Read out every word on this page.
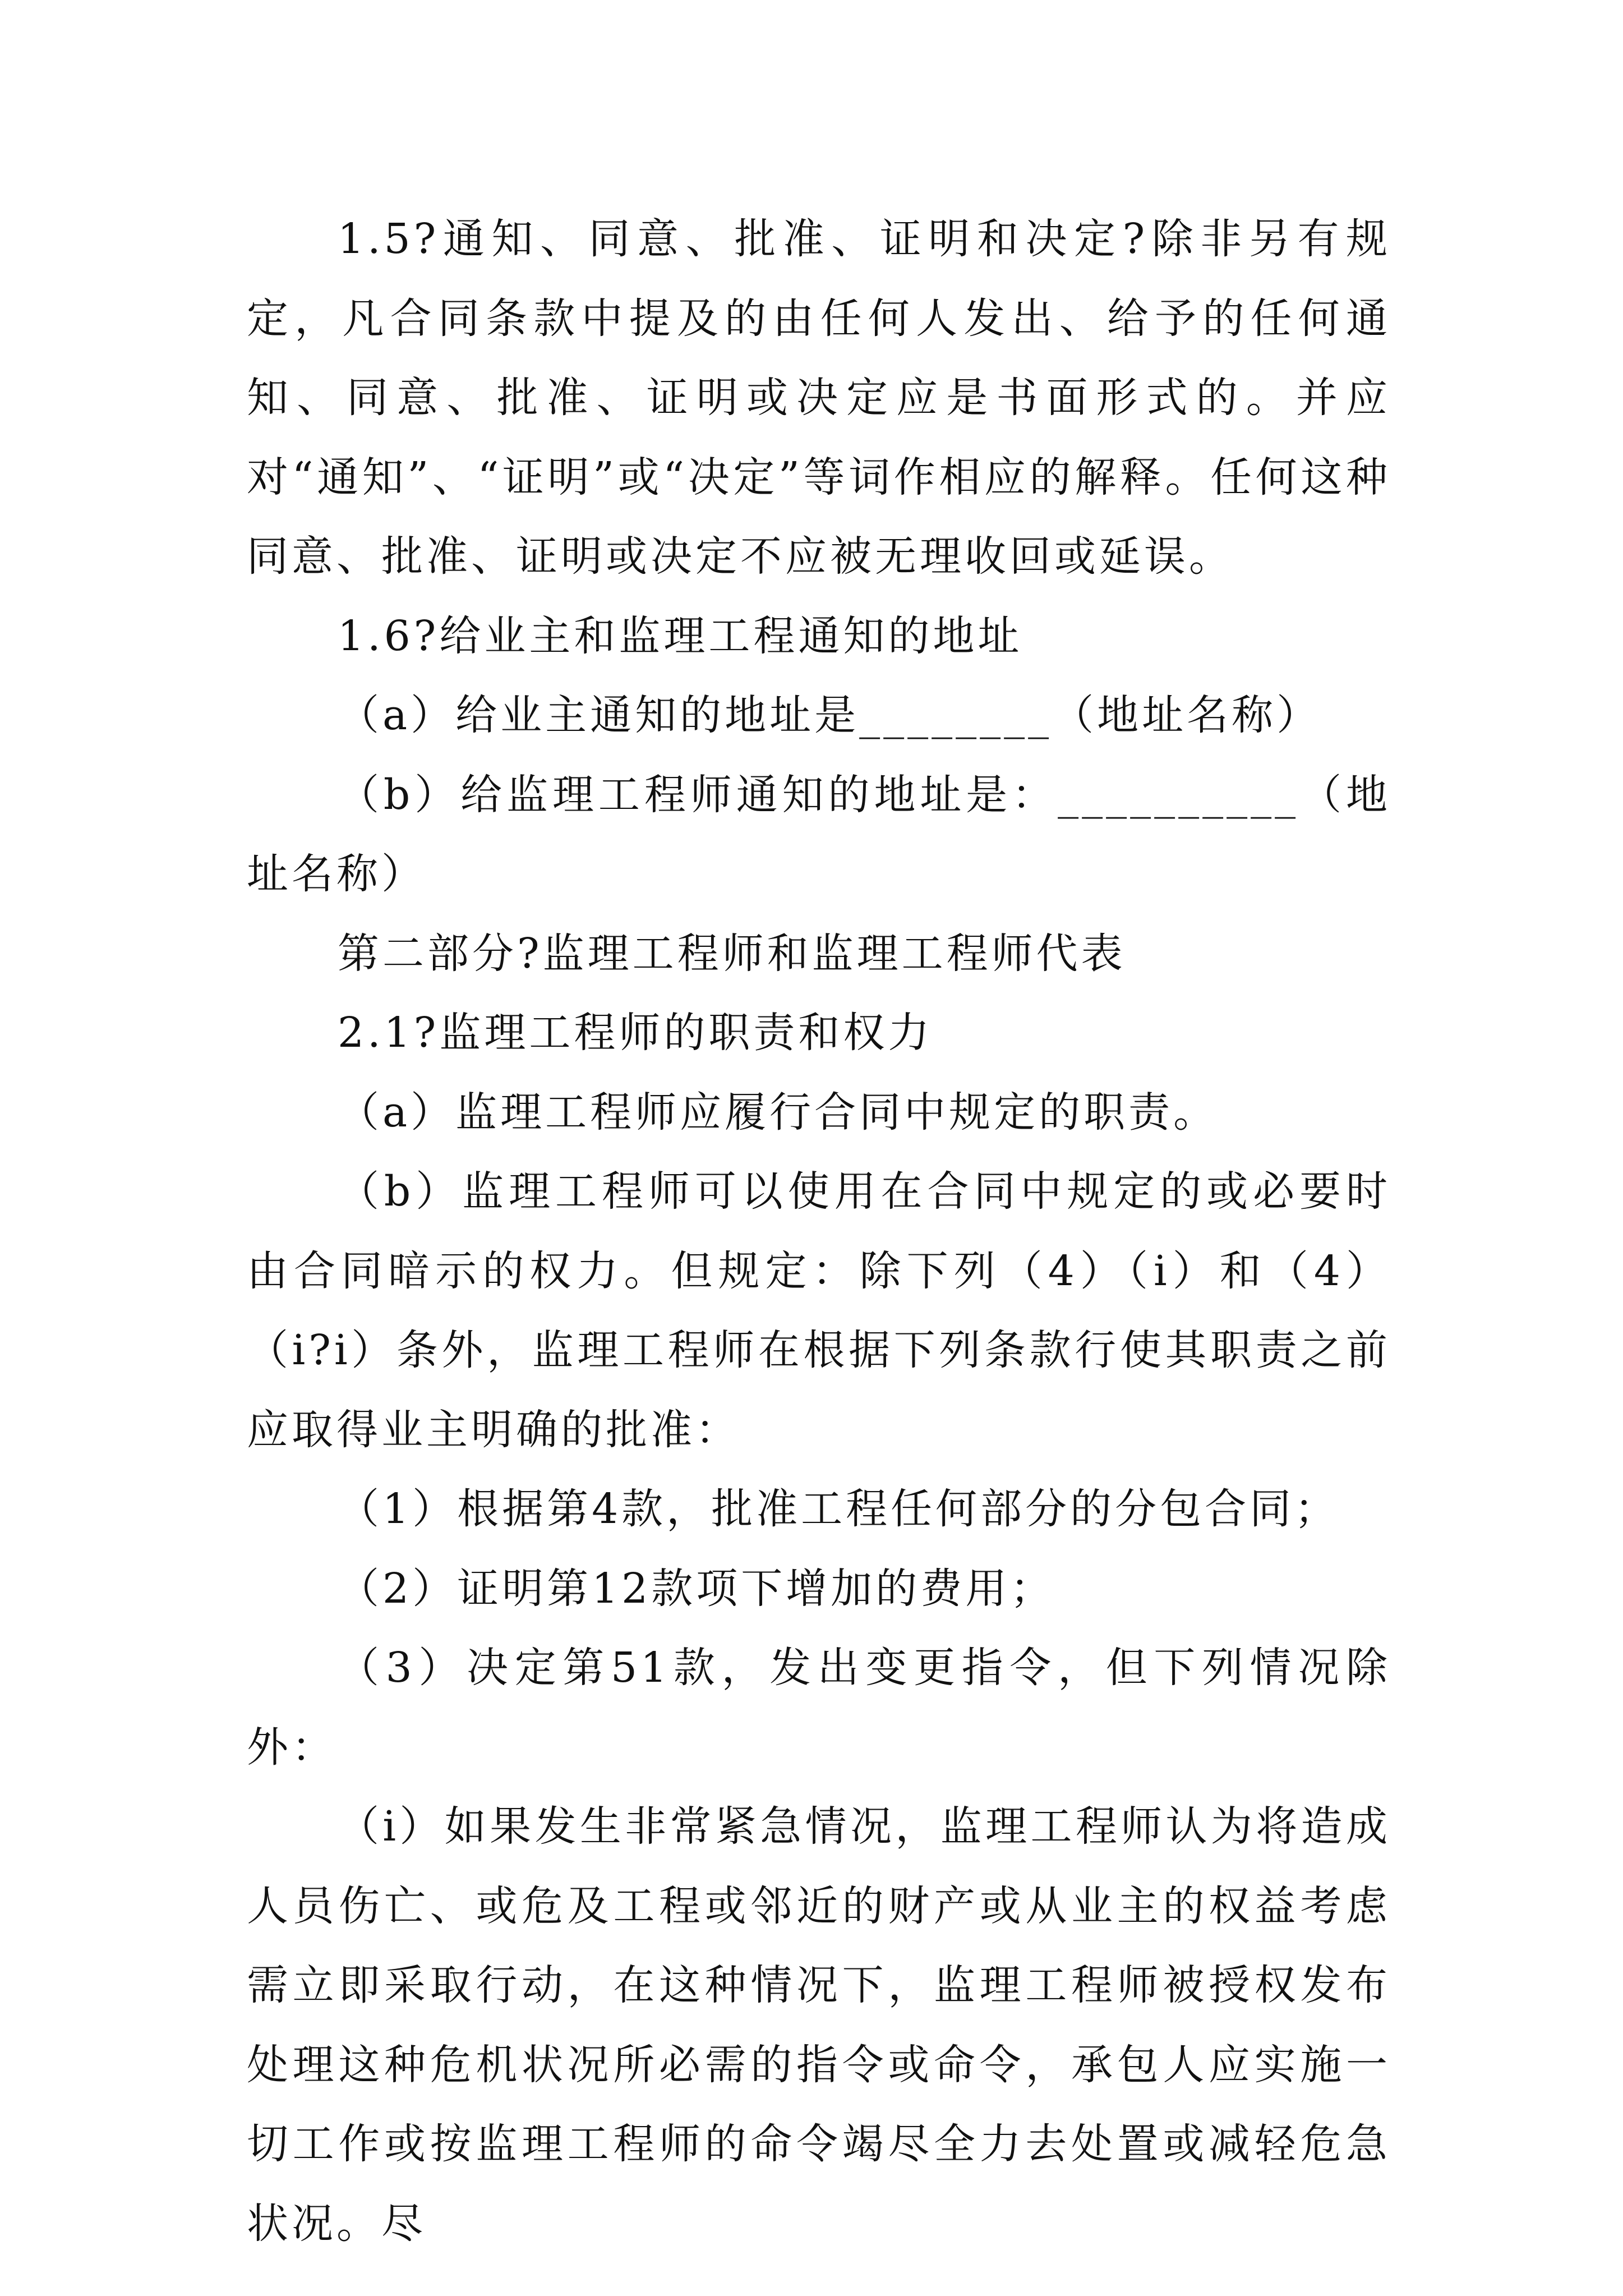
1.5?通知、同意、批准、证明和决定?除非另有规定，凡合同条款中提及的由任何人发出、给予的任何通知、同意、批准、证明或决定应是书面形式的。并应对“通知”、“证明”或“决定”等词作相应的解释。任何这种同意、批准、证明或决定不应被无理收回或延误。

1.6?给业主和监理工程通知的地址

（a）给业主通知的地址是________（地址名称）

（b）给监理工程师通知的地址是：__________（地址名称）

第二部分?监理工程师和监理工程师代表

2.1?监理工程师的职责和权力

（a）监理工程师应履行合同中规定的职责。

（b）监理工程师可以使用在合同中规定的或必要时由合同暗示的权力。但规定：除下列（4）（i）和（4）（i?i）条外，监理工程师在根据下列条款行使其职责之前应取得业主明确的批准：

（1）根据第4款，批准工程任何部分的分包合同；

（2）证明第12款项下增加的费用；

（3）决定第51款，发出变更指令，但下列情况除外：

（i）如果发生非常紧急情况，监理工程师认为将造成人员伤亡、或危及工程或邻近的财产或从业主的权益考虑需立即采取行动，在这种情况下，监理工程师被授权发布处理这种危机状况所必需的指令或命令，承包人应实施一切工作或按监理工程师的命令竭尽全力去处置或减轻危急状况。尽
